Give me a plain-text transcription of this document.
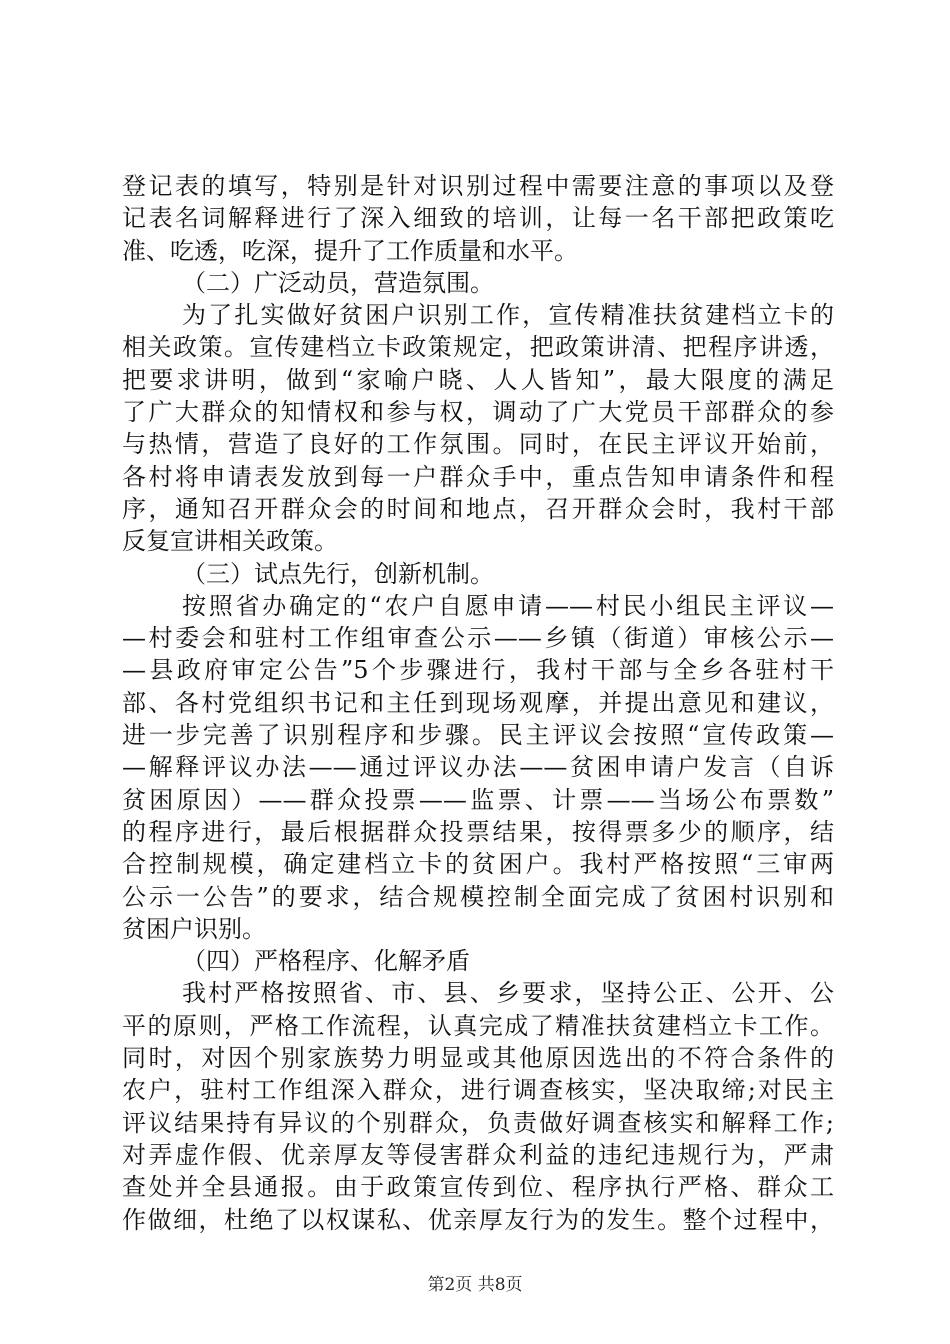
登记表的填写，特别是针对识别过程中需要注意的事项以及登
记表名词解释进行了深入细致的培训，让每一名干部把政策吃
准、吃透，吃深，提升了工作质量和水平。
（二）广泛动员，营造氛围。
为了扎实做好贫困户识别工作，宣传精准扶贫建档立卡的
相关政策。宣传建档立卡政策规定，把政策讲清、把程序讲透，
把要求讲明，做到“家喻户晓、人人皆知”，最大限度的满足
了广大群众的知情权和参与权，调动了广大党员干部群众的参
与热情，营造了良好的工作氛围。同时，在民主评议开始前，
各村将申请表发放到每一户群众手中，重点告知申请条件和程
序，通知召开群众会的时间和地点，召开群众会时，我村干部
反复宣讲相关政策。
（三）试点先行，创新机制。
按照省办确定的“农户自愿申请——村民小组民主评议—
—村委会和驻村工作组审查公示——乡镇（街道）审核公示—
—县政府审定公告”5个步骤进行，我村干部与全乡各驻村干
部、各村党组织书记和主任到现场观摩，并提出意见和建议，
进一步完善了识别程序和步骤。民主评议会按照“宣传政策—
—解释评议办法——通过评议办法——贫困申请户发言（自诉
贫困原因）——群众投票——监票、计票——当场公布票数”
的程序进行，最后根据群众投票结果，按得票多少的顺序，结
合控制规模，确定建档立卡的贫困户。我村严格按照“三审两
公示一公告”的要求，结合规模控制全面完成了贫困村识别和
贫困户识别。
（四）严格程序、化解矛盾
我村严格按照省、市、县、乡要求，坚持公正、公开、公
平的原则，严格工作流程，认真完成了精准扶贫建档立卡工作。
同时，对因个别家族势力明显或其他原因选出的不符合条件的
农户，驻村工作组深入群众，进行调查核实，坚决取缔;对民主
评议结果持有异议的个别群众，负责做好调查核实和解释工作;
对弄虚作假、优亲厚友等侵害群众利益的违纪违规行为，严肃
查处并全县通报。由于政策宣传到位、程序执行严格、群众工
作做细，杜绝了以权谋私、优亲厚友行为的发生。整个过程中，
第2页 共8页
